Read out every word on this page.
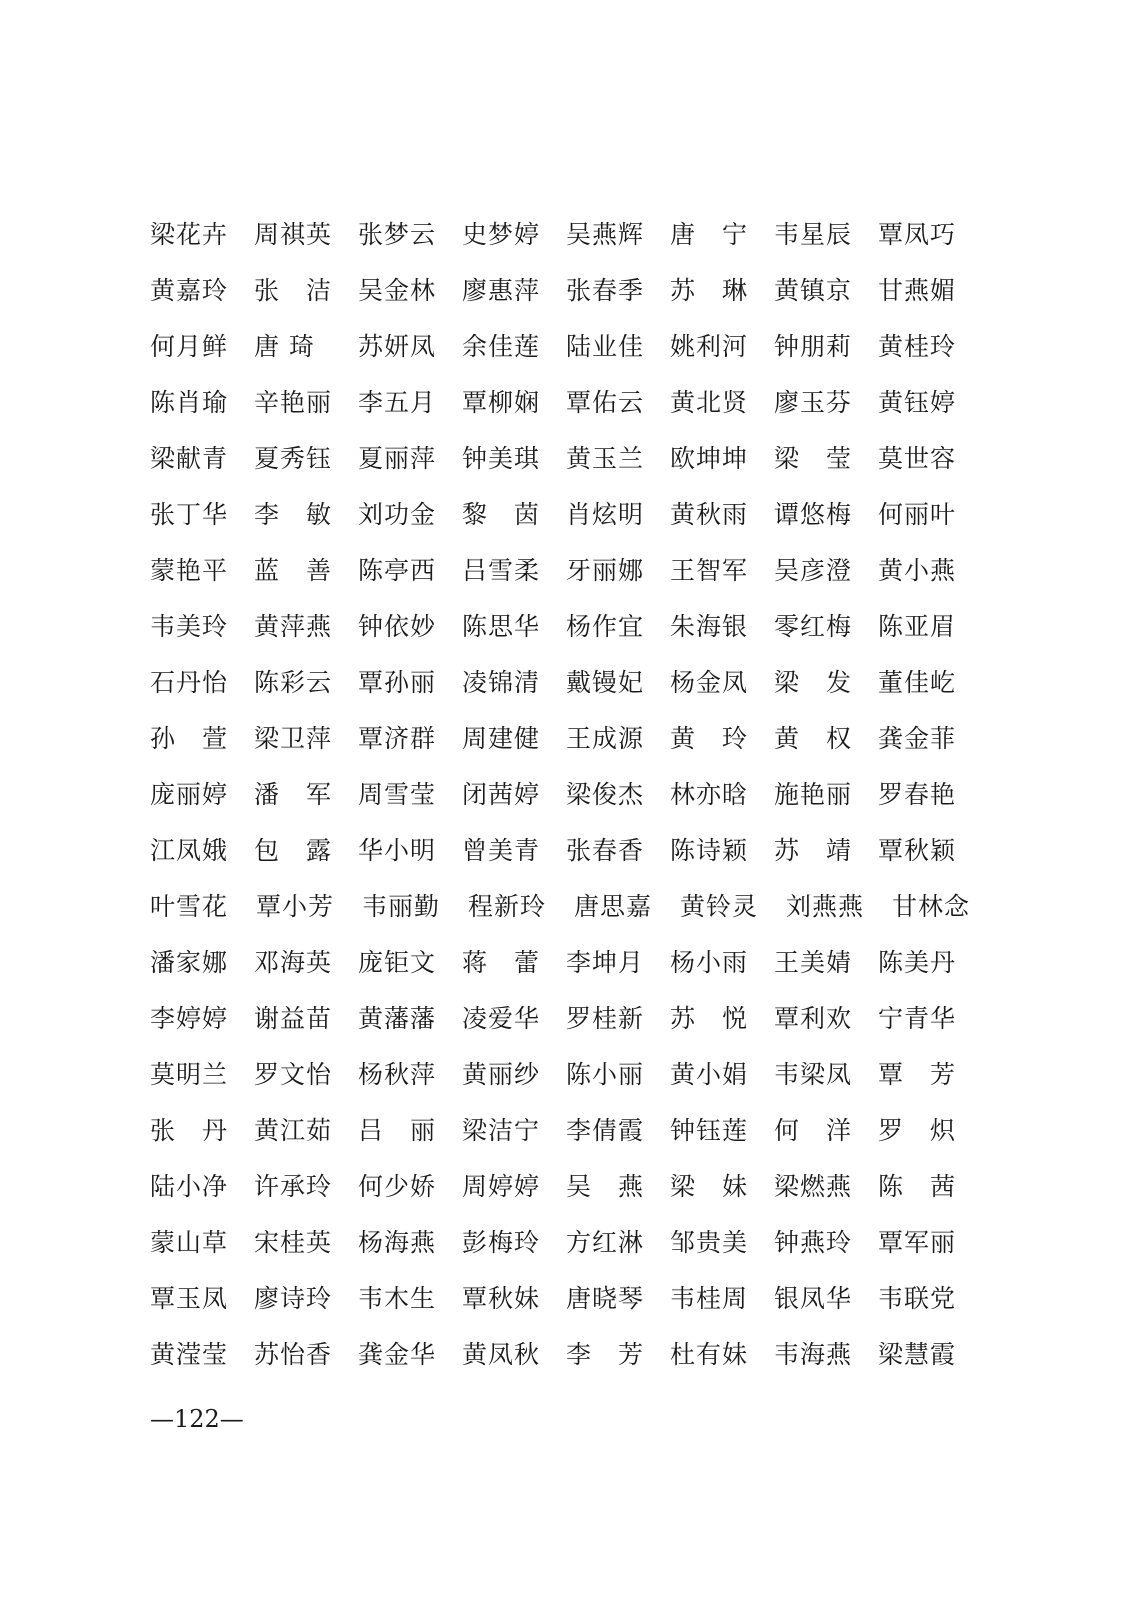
梁花卉	周祺英	张梦云	史梦婷	吴燕辉	唐　宁	韦星辰	覃凤巧
黄嘉玲	张　洁	吴金林	廖惠萍	张春季	苏　琳	黄镇京	甘燕媚
何月鲜	唐 琦	苏妍凤	余佳莲	陆业佳	姚利河	钟朋莉	黄桂玲
陈肖瑜	辛艳丽	李五月	覃柳娴	覃佑云	黄北贤	廖玉芬	黄钰婷
梁献青	夏秀钰	夏丽萍	钟美琪	黄玉兰	欧坤坤	梁　莹	莫世容
张丁华	李　敏	刘功金	黎　茵	肖炫明	黄秋雨	谭悠梅	何丽叶
蒙艳平	蓝　善	陈亭西	吕雪柔	牙丽娜	王智军	吴彦澄	黄小燕
韦美玲	黄萍燕	钟依妙	陈思华	杨作宜	朱海银	零红梅	陈亚眉
石丹怡	陈彩云	覃孙丽	凌锦清	戴镘妃	杨金凤	梁　发	董佳屹
孙　萱	梁卫萍	覃济群	周建健	王成源	黄　玲	黄　权	龚金菲
庞丽婷	潘　军	周雪莹	闭茜婷	梁俊杰	林亦晗	施艳丽	罗春艳
江凤娥	包　露	华小明	曾美青	张春香	陈诗颖	苏　靖	覃秋颖
叶雪花	覃小芳	韦丽勤	程新玲	唐思嘉	黄铃灵	刘燕燕	甘林念
潘家娜	邓海英	庞钜文	蒋　蕾	李坤月	杨小雨	王美婧	陈美丹
李婷婷	谢益苗	黄藩藩	凌爱华	罗桂新	苏　悦	覃利欢	宁青华
莫明兰	罗文怡	杨秋萍	黄丽纱	陈小丽	黄小娟	韦梁凤	覃　芳
张　丹	黄江茹	吕　丽	梁洁宁	李倩霞	钟钰莲	何　洋	罗　炽
陆小净	许承玲	何少娇	周婷婷	吴　燕	梁　妹	梁燃燕	陈　茜
蒙山草	宋桂英	杨海燕	彭梅玲	方红淋	邹贵美	钟燕玲	覃军丽
覃玉凤	廖诗玲	韦木生	覃秋妹	唐晓琴	韦桂周	银凤华	韦联党
黄滢莹	苏怡香	龚金华	黄凤秋	李　芳	杜有妹	韦海燕	梁慧霞
—122—
